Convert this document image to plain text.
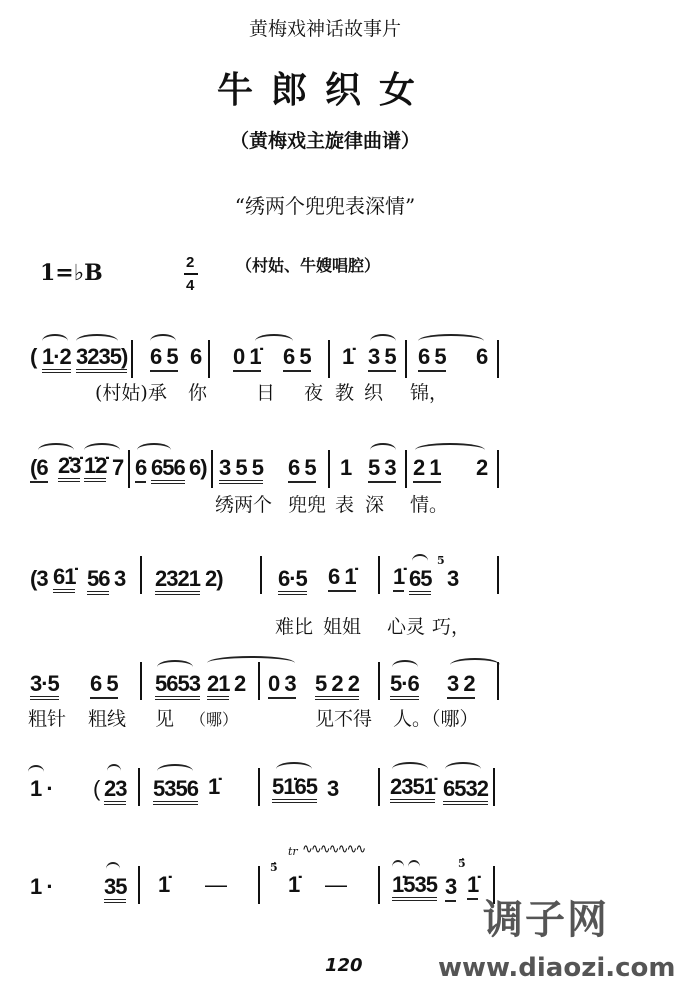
黄梅戏神话故事片
牛郎织女
（黄梅戏主旋律曲谱）
“绣两个兜兜表深情”
1=♭B	2
4
（村姑、牛嫂唱腔）
( 1·2 3235) 6 5 6 0 1̇ 6 5 1̇ 3 5 6 5 6
(村姑)承 你	日 夜 教 织 锦，
(6 2̇3̇ 1̇2̇ 7 6 656 6) 3 5 5 6 5 1 5 3 2 1 2
绣两个 兜兜 表 深 情。
(3 61̇ 56 3 2321 2)	6·5 6 1̇ 1̇ 65
5
3
难比 姐姐 心灵 巧，
3·5 6 5 5653 21 2 0 3 5 2 2 5·6 3 2
粗针 粗线 见 （哪）	见不得 人。（哪）
1 · ( 23 5356 1̇ 51̇65 3 2351̇ 6532
1 · 35 1̇ —
tr ∿∿∿∿∿∿∿
5̇
1̇ — 1̇535 3
5̇
1̇
120
调子网
www.diaozi.com
